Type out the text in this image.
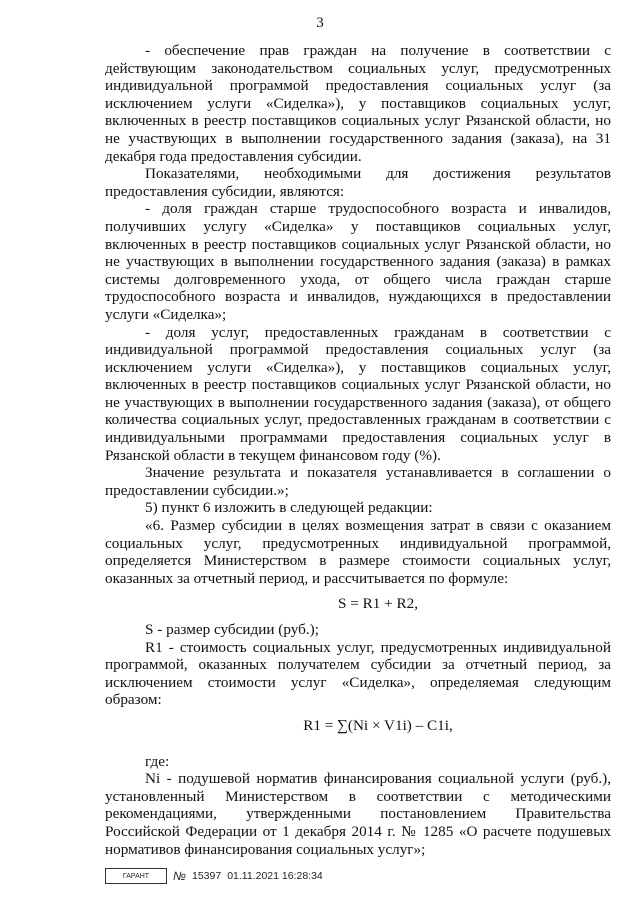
3

- обеспечение прав граждан на получение в соответствии с действующим законодательством социальных услуг, предусмотренных индивидуальной программой предоставления социальных услуг (за исключением услуги «Сиделка»), у поставщиков социальных услуг, включенных в реестр поставщиков социальных услуг Рязанской области, но не участвующих в выполнении государственного задания (заказа), на 31 декабря года предоставления субсидии.

Показателями, необходимыми для достижения результатов предоставления субсидии, являются:

- доля граждан старше трудоспособного возраста и инвалидов, получивших услугу «Сиделка» у поставщиков социальных услуг, включенных в реестр поставщиков социальных услуг Рязанской области, но не участвующих в выполнении государственного задания (заказа) в рамках системы долговременного ухода, от общего числа граждан старше трудоспособного возраста и инвалидов, нуждающихся в предоставлении услуги «Сиделка»;

- доля услуг, предоставленных гражданам в соответствии с индивидуальной программой предоставления социальных услуг (за исключением услуги «Сиделка»), у поставщиков социальных услуг, включенных в реестр поставщиков социальных услуг Рязанской области, но не участвующих в выполнении государственного задания (заказа), от общего количества социальных услуг, предоставленных гражданам в соответствии с индивидуальными программами предоставления социальных услуг в Рязанской области в текущем финансовом году (%).

Значение результата и показателя устанавливается в соглашении о предоставлении субсидии.»;

5) пункт 6 изложить в следующей редакции:

«6. Размер субсидии в целях возмещения затрат в связи с оказанием социальных услуг, предусмотренных индивидуальной программой, определяется Министерством в размере стоимости социальных услуг, оказанных за отчетный период, и рассчитывается по формуле:

S = R1 + R2,

S - размер субсидии (руб.);

R1 - стоимость социальных услуг, предусмотренных индивидуальной программой, оказанных получателем субсидии за отчетный период, за исключением стоимости услуг «Сиделка», определяемая следующим образом:

R1 = ∑(Ni × V1i) – C1i,

где:

Ni - подушевой норматив финансирования социальной услуги (руб.), установленный Министерством в соответствии с методическими рекомендациями, утвержденными постановлением Правительства Российской Федерации от 1 декабря 2014 г. № 1285 «О расчете подушевых нормативов финансирования социальных услуг»;

ГАРАНТ	№ 15397 01.11.2021 16:28:34
